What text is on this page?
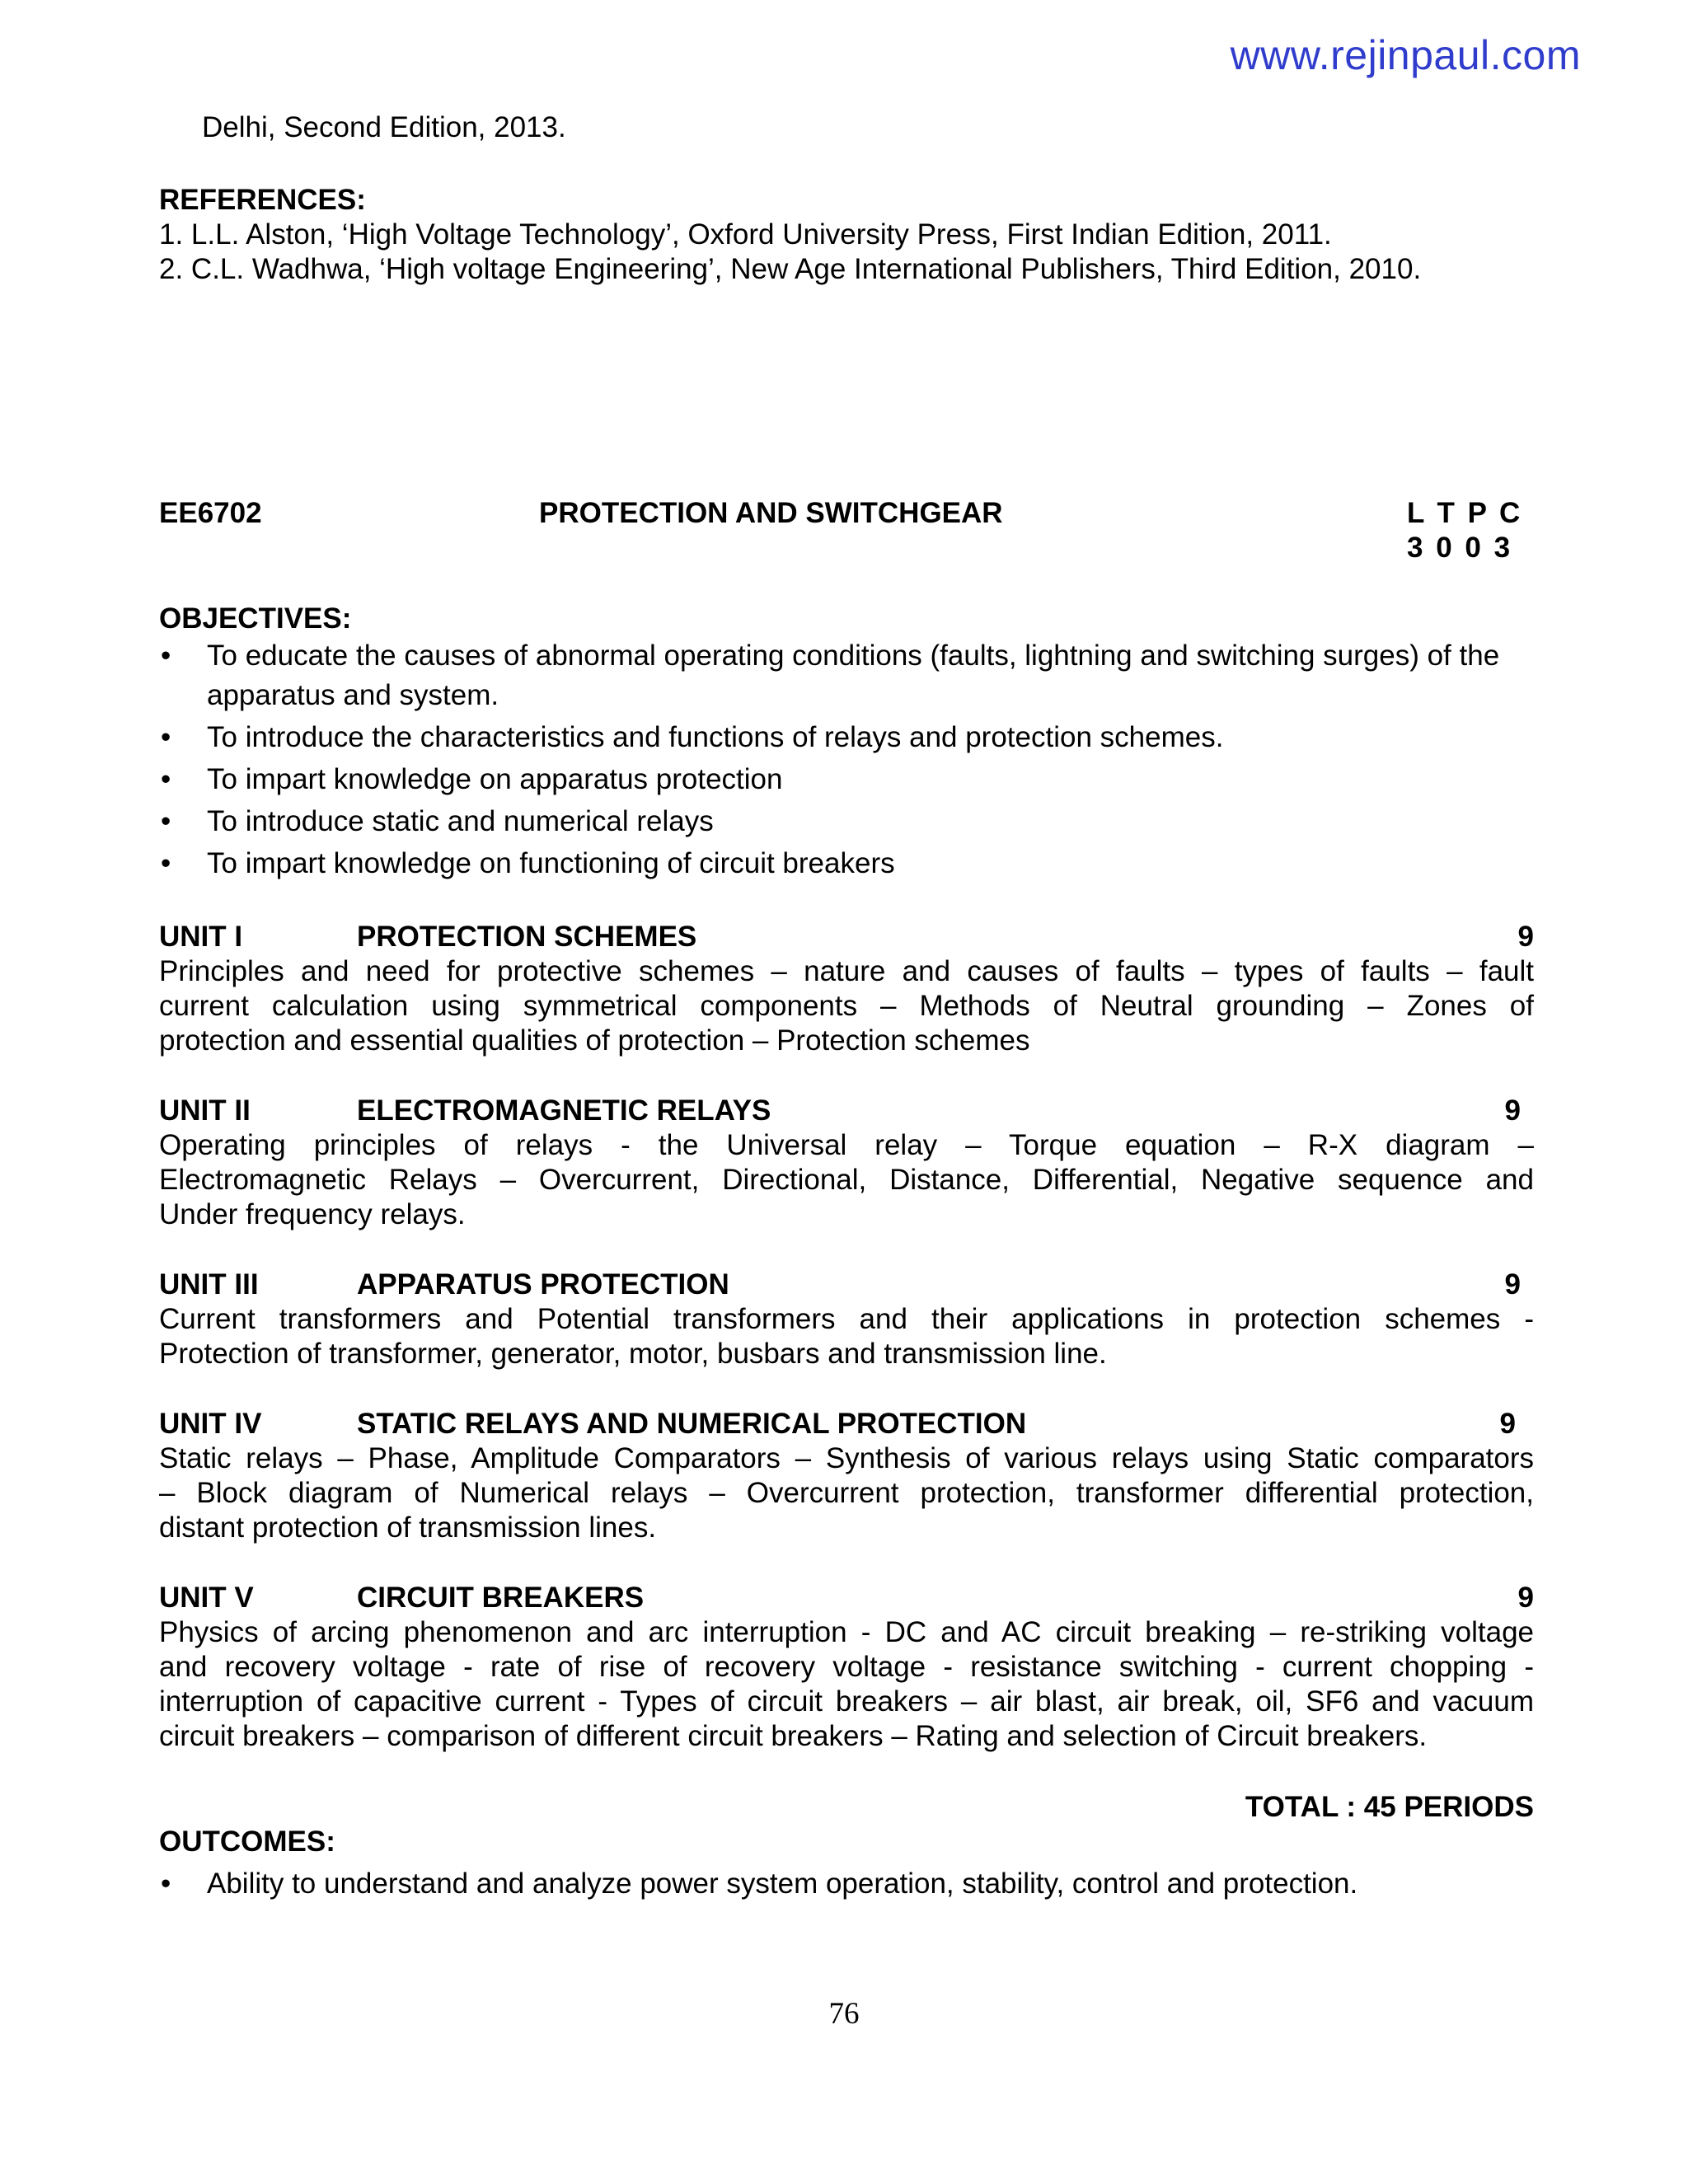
www.rejinpaul.com
Delhi, Second Edition, 2013.
REFERENCES:
1. L.L. Alston, ‘High Voltage Technology’, Oxford University Press, First Indian Edition, 2011.
2. C.L. Wadhwa, ‘High voltage Engineering’, New Age International Publishers, Third Edition, 2010.
EE6702	PROTECTION AND SWITCHGEAR	L T P C
3 0 0 3
OBJECTIVES:
• To educate the causes of abnormal operating conditions (faults, lightning and switching surges) of the apparatus and system.
• To introduce the characteristics and functions of relays and protection schemes.
• To impart knowledge on apparatus protection
• To introduce static and numerical relays
• To impart knowledge on functioning of circuit breakers
UNIT I	PROTECTION SCHEMES	9
Principles and need for protective schemes – nature and causes of faults – types of faults – fault
current calculation using symmetrical components – Methods of Neutral grounding – Zones of
protection and essential qualities of protection – Protection schemes
UNIT II	ELECTROMAGNETIC RELAYS	9
Operating principles of relays - the Universal relay – Torque equation – R-X diagram –
Electromagnetic Relays – Overcurrent, Directional, Distance, Differential, Negative sequence and
Under frequency relays.
UNIT III	APPARATUS PROTECTION	9
Current transformers and Potential transformers and their applications in protection schemes -
Protection of transformer, generator, motor, busbars and transmission line.
UNIT IV	STATIC RELAYS AND NUMERICAL PROTECTION	9
Static relays – Phase, Amplitude Comparators – Synthesis of various relays using Static comparators
– Block diagram of Numerical relays – Overcurrent protection, transformer differential protection,
distant protection of transmission lines.
UNIT V	CIRCUIT BREAKERS	9
Physics of arcing phenomenon and arc interruption - DC and AC circuit breaking – re-striking voltage
and recovery voltage - rate of rise of recovery voltage - resistance switching - current chopping -
interruption of capacitive current - Types of circuit breakers – air blast, air break, oil, SF6 and vacuum
circuit breakers – comparison of different circuit breakers – Rating and selection of Circuit breakers.
TOTAL : 45 PERIODS
OUTCOMES:
• Ability to understand and analyze power system operation, stability, control and protection.
76
